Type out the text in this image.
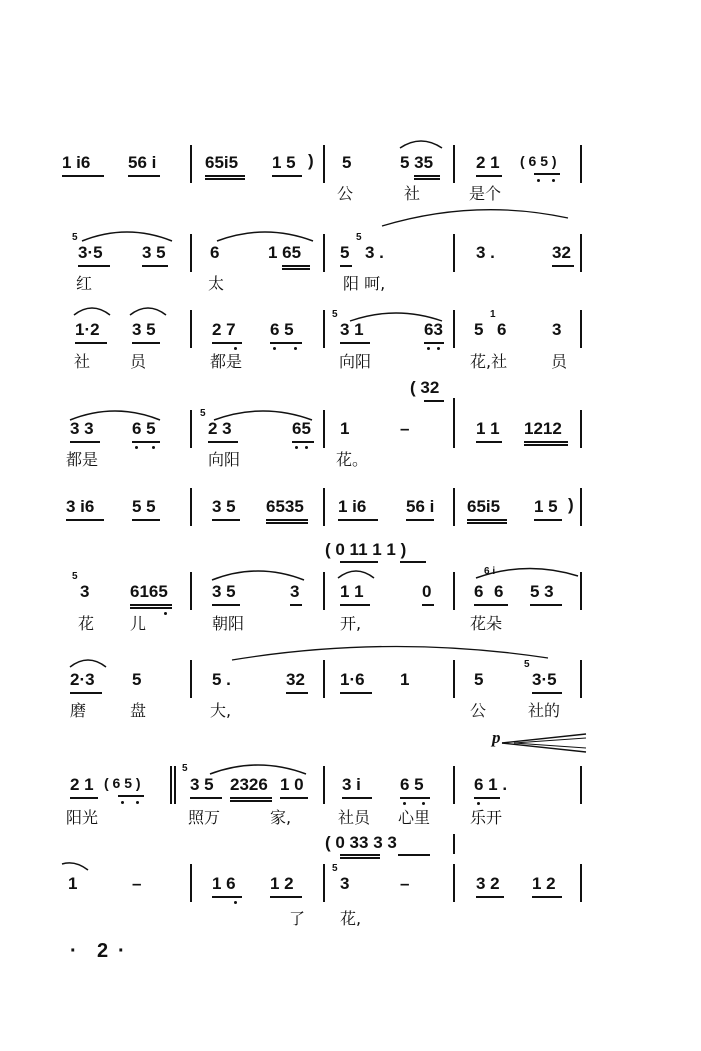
1 i6 56 i	65i5 1 5 ) 5	5 35	2 1 ( 6 5 )
公	社	是个
5
3·5 3 5	6	1 65 5
5
3 .	3 .	32
红	太	阳 呵,
1·2 3 5	2 7 6 5
5
3 1	63 5
1
6	3
社 员	都是	向阳	花,社	员
( 32
3 3 6 5
5
2 3	65 1	–	1 1 1212
都是	向阳	花。
3 i6 5 5	3 5 6535 1 i6 56 i 65i5 1 5 )
( 0 11 1 1 )
5
3 6165	3 5	3 1 1	0	6
6 i
6 5 3
花 儿	朝阳	开,	花朵
2·3 5	5 .	32 1·6 1	5
5
3·5
磨	盘	大,	公	社的
p
2 1 ( 6 5 )
5
3 5 2326 1 0 3 i 6 5	6 1 .
阳光	照万	家,	社员 心里 乐开
( 0 33 3 3
1	–	1 6 1 2
5
3	–	3 2 1 2
了 花,
· 2 ·
